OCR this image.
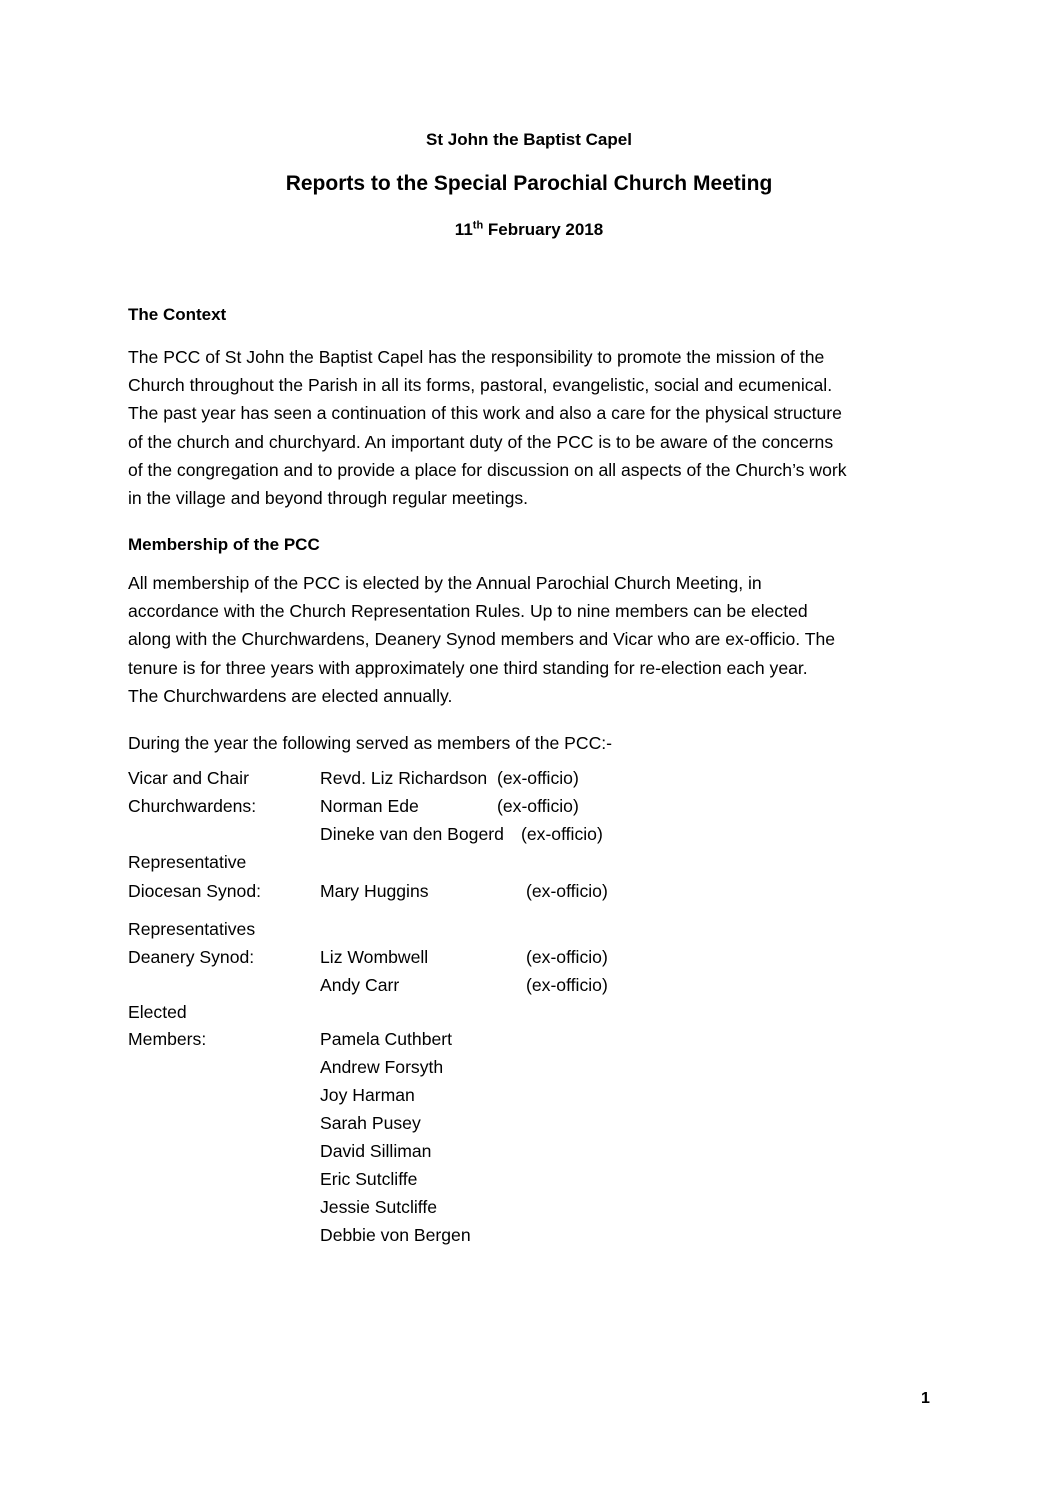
St John the Baptist Capel
Reports to the Special Parochial Church Meeting
11th February 2018
The Context
The PCC of St John the Baptist Capel has the responsibility to promote the mission of the
Church throughout the Parish in all its forms, pastoral, evangelistic, social and ecumenical.
The past year has seen a continuation of this work and also a care for the physical structure
of the church and churchyard. An important duty of the PCC is to be aware of the concerns
of the congregation and to provide a place for discussion on all aspects of the Church’s work
in the village and beyond through regular meetings.
Membership of the PCC
All membership of the PCC is elected by the Annual Parochial Church Meeting, in
accordance with the Church Representation Rules. Up to nine members can be elected
along with the Churchwardens, Deanery Synod members and Vicar who are ex-officio. The
tenure is for three years with approximately one third standing for re-election each year.
The Churchwardens are elected annually.
During the year the following served as members of the PCC:-
Vicar and Chair	Revd. Liz Richardson (ex-officio)
Churchwardens:	Norman Ede	(ex-officio)
Dineke van den Bogerd (ex-officio)
Representative
Diocesan Synod:	Mary Huggins	(ex-officio)
Representatives
Deanery Synod:	Liz Wombwell	(ex-officio)
Andy Carr	(ex-officio)
Elected
Members:	Pamela Cuthbert
Andrew Forsyth
Joy Harman
Sarah Pusey
David Silliman
Eric Sutcliffe
Jessie Sutcliffe
Debbie von Bergen
1
